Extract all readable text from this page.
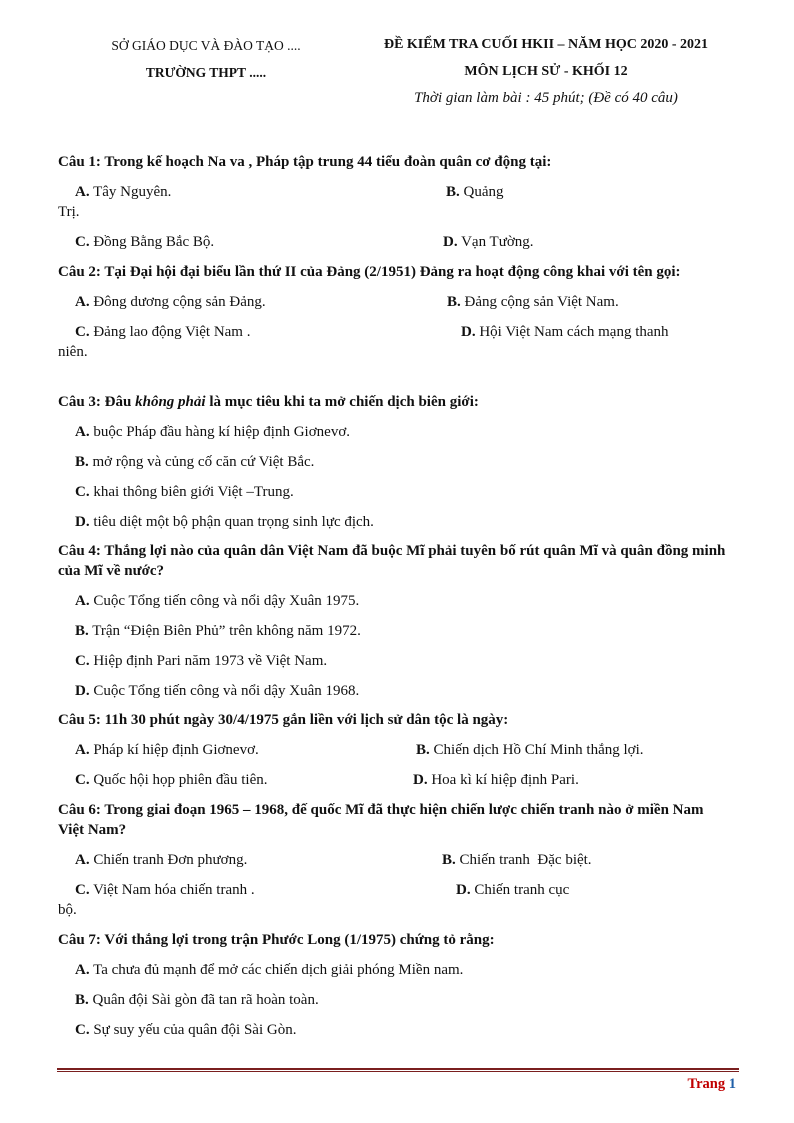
SỞ GIÁO DỤC VÀ ĐÀO TẠO ....
TRƯỜNG THPT .....
ĐỀ KIỂM TRA CUỐI HKII – NĂM HỌC 2020 - 2021
MÔN LỊCH SỬ - KHỐI 12
Thời gian làm bài : 45 phút; (Đề có 40 câu)

Câu 1: Trong kế hoạch Na va , Pháp tập trung 44 tiểu đoàn quân cơ động tại:

A. Tây Nguyên.	B. Quảng
Trị.
C. Đồng Bằng Bắc Bộ.	D. Vạn Tường.

Câu 2: Tại Đại hội đại biểu lần thứ II của Đảng (2/1951) Đảng ra hoạt động công khai với tên gọi:

A. Đông dương cộng sản Đảng.	B. Đảng cộng sản Việt Nam.
C. Đảng lao động Việt Nam .	D. Hội Việt Nam cách mạng thanh
niên.

Câu 3: Đâu không phải là mục tiêu khi ta mở chiến dịch biên giới:

A. buộc Pháp đầu hàng kí hiệp định Giơnevơ.
B. mở rộng và củng cố căn cứ Việt Bắc.
C. khai thông biên giới Việt –Trung.
D. tiêu diệt một bộ phận quan trọng sinh lực địch.

Câu 4: Thắng lợi nào của quân dân Việt Nam đã buộc Mĩ phải tuyên bố rút quân Mĩ và quân đồng minh của Mĩ về nước?

A. Cuộc Tổng tiến công và nổi dậy Xuân 1975.
B. Trận “Điện Biên Phủ” trên không năm 1972.
C. Hiệp định Pari năm 1973 về Việt Nam.
D. Cuộc Tổng tiến công và nổi dậy Xuân 1968.

Câu 5: 11h 30 phút ngày 30/4/1975 gắn liền với lịch sử dân tộc là ngày:

A. Pháp kí hiệp định Giơnevơ.	B. Chiến dịch Hồ Chí Minh thắng lợi.
C. Quốc hội họp phiên đầu tiên.	D. Hoa kì kí hiệp định Pari.

Câu 6: Trong giai đoạn 1965 – 1968, đế quốc Mĩ đã thực hiện chiến lược chiến tranh nào ở miền Nam Việt Nam?

A. Chiến tranh Đơn phương.	B. Chiến tranh  Đặc biệt.
C. Việt Nam hóa chiến tranh .	D. Chiến tranh cục
bộ.

Câu 7: Với thắng lợi trong trận Phước Long (1/1975) chứng tỏ rằng:

A. Ta chưa đủ mạnh để mở các chiến dịch giải phóng Miền nam.
B. Quân đội Sài gòn đã tan rã hoàn toàn.
C. Sự suy yếu của quân đội Sài Gòn.
Trang 1
